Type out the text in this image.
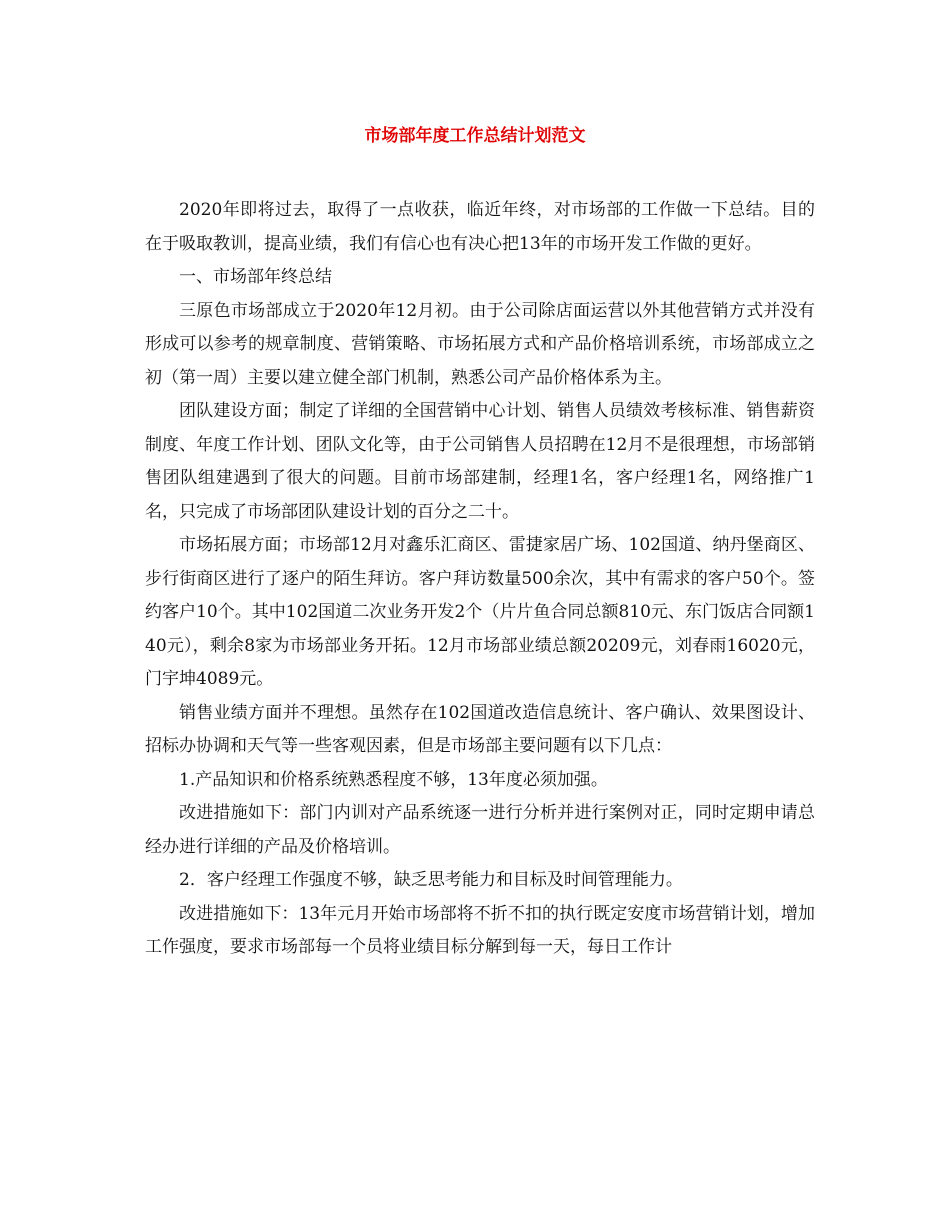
市场部年度工作总结计划范文

2020年即将过去，取得了一点收获，临近年终，对市场部的工作做一下总结。目的在于吸取教训，提高业绩，我们有信心也有决心把13年的市场开发工作做的更好。

一、市场部年终总结

三原色市场部成立于2020年12月初。由于公司除店面运营以外其他营销方式并没有形成可以参考的规章制度、营销策略、市场拓展方式和产品价格培训系统，市场部成立之初（第一周）主要以建立健全部门机制，熟悉公司产品价格体系为主。

团队建设方面；制定了详细的全国营销中心计划、销售人员绩效考核标准、销售薪资制度、年度工作计划、团队文化等，由于公司销售人员招聘在12月不是很理想，市场部销售团队组建遇到了很大的问题。目前市场部建制，经理1名，客户经理1名，网络推广1名，只完成了市场部团队建设计划的百分之二十。

市场拓展方面；市场部12月对鑫乐汇商区、雷捷家居广场、102国道、纳丹堡商区、步行街商区进行了逐户的陌生拜访。客户拜访数量500余次，其中有需求的客户50个。签约客户10个。其中102国道二次业务开发2个（片片鱼合同总额810元、东门饭店合同额140元），剩余8家为市场部业务开拓。12月市场部业绩总额20209元，刘春雨16020元，门宇坤4089元。

销售业绩方面并不理想。虽然存在102国道改造信息统计、客户确认、效果图设计、招标办协调和天气等一些客观因素，但是市场部主要问题有以下几点：

1.产品知识和价格系统熟悉程度不够，13年度必须加强。

改进措施如下：部门内训对产品系统逐一进行分析并进行案例对正，同时定期申请总经办进行详细的产品及价格培训。

2．客户经理工作强度不够，缺乏思考能力和目标及时间管理能力。

改进措施如下：13年元月开始市场部将不折不扣的执行既定安度市场营销计划，增加工作强度，要求市场部每一个员将业绩目标分解到每一天，每日工作计
